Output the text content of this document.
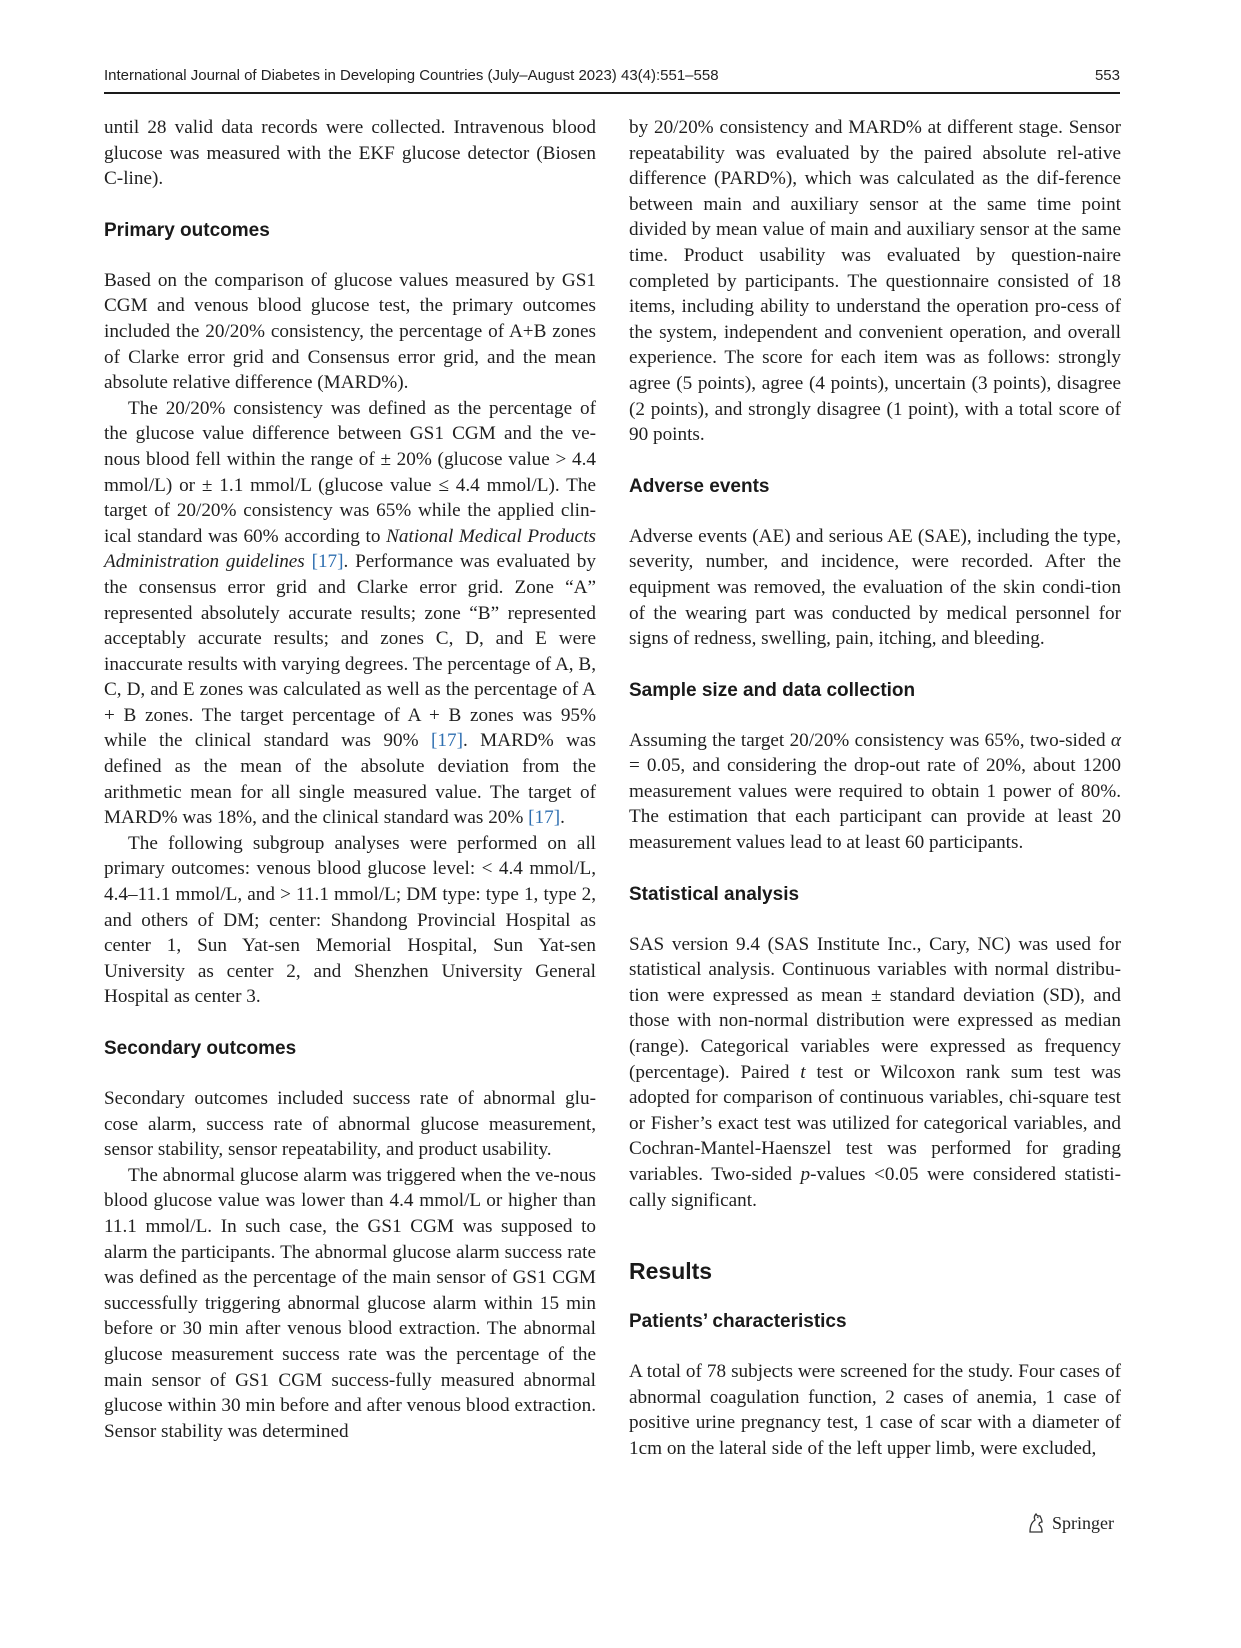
International Journal of Diabetes in Developing Countries (July–August 2023) 43(4):551–558	553

until 28 valid data records were collected. Intravenous blood glucose was measured with the EKF glucose detector (Biosen C-line).

Primary outcomes

Based on the comparison of glucose values measured by GS1 CGM and venous blood glucose test, the primary outcomes included the 20/20% consistency, the percentage of A+B zones of Clarke error grid and Consensus error grid, and the mean absolute relative difference (MARD%).

The 20/20% consistency was defined as the percentage of the glucose value difference between GS1 CGM and the ve-nous blood fell within the range of ± 20% (glucose value > 4.4 mmol/L) or ± 1.1 mmol/L (glucose value ≤ 4.4 mmol/L). The target of 20/20% consistency was 65% while the applied clin-ical standard was 60% according to National Medical Products Administration guidelines [17]. Performance was evaluated by the consensus error grid and Clarke error grid. Zone “A” represented absolutely accurate results; zone “B” represented acceptably accurate results; and zones C, D, and E were inaccurate results with varying degrees. The percentage of A, B, C, D, and E zones was calculated as well as the percentage of A + B zones. The target percentage of A + B zones was 95% while the clinical standard was 90% [17]. MARD% was defined as the mean of the absolute deviation from the arithmetic mean for all single measured value. The target of MARD% was 18%, and the clinical standard was 20% [17].

The following subgroup analyses were performed on all primary outcomes: venous blood glucose level: < 4.4 mmol/L, 4.4–11.1 mmol/L, and > 11.1 mmol/L; DM type: type 1, type 2, and others of DM; center: Shandong Provincial Hospital as center 1, Sun Yat-sen Memorial Hospital, Sun Yat-sen University as center 2, and Shenzhen University General Hospital as center 3.

Secondary outcomes

Secondary outcomes included success rate of abnormal glu-cose alarm, success rate of abnormal glucose measurement, sensor stability, sensor repeatability, and product usability.

The abnormal glucose alarm was triggered when the ve-nous blood glucose value was lower than 4.4 mmol/L or higher than 11.1 mmol/L. In such case, the GS1 CGM was supposed to alarm the participants. The abnormal glucose alarm success rate was defined as the percentage of the main sensor of GS1 CGM successfully triggering abnormal glucose alarm within 15 min before or 30 min after venous blood extraction. The abnormal glucose measurement success rate was the percentage of the main sensor of GS1 CGM success-fully measured abnormal glucose within 30 min before and after venous blood extraction. Sensor stability was determined

by 20/20% consistency and MARD% at different stage. Sensor repeatability was evaluated by the paired absolute rel-ative difference (PARD%), which was calculated as the dif-ference between main and auxiliary sensor at the same time point divided by mean value of main and auxiliary sensor at the same time. Product usability was evaluated by question-naire completed by participants. The questionnaire consisted of 18 items, including ability to understand the operation pro-cess of the system, independent and convenient operation, and overall experience. The score for each item was as follows: strongly agree (5 points), agree (4 points), uncertain (3 points), disagree (2 points), and strongly disagree (1 point), with a total score of 90 points.

Adverse events

Adverse events (AE) and serious AE (SAE), including the type, severity, number, and incidence, were recorded. After the equipment was removed, the evaluation of the skin condi-tion of the wearing part was conducted by medical personnel for signs of redness, swelling, pain, itching, and bleeding.

Sample size and data collection

Assuming the target 20/20% consistency was 65%, two-sided α = 0.05, and considering the drop-out rate of 20%, about 1200 measurement values were required to obtain 1 power of 80%. The estimation that each participant can provide at least 20 measurement values lead to at least 60 participants.

Statistical analysis

SAS version 9.4 (SAS Institute Inc., Cary, NC) was used for statistical analysis. Continuous variables with normal distribu-tion were expressed as mean ± standard deviation (SD), and those with non-normal distribution were expressed as median (range). Categorical variables were expressed as frequency (percentage). Paired t test or Wilcoxon rank sum test was adopted for comparison of continuous variables, chi-square test or Fisher’s exact test was utilized for categorical variables, and Cochran-Mantel-Haenszel test was performed for grading variables. Two-sided p-values <0.05 were considered statisti-cally significant.

Results
Patients’ characteristics

A total of 78 subjects were screened for the study. Four cases of abnormal coagulation function, 2 cases of anemia, 1 case of positive urine pregnancy test, 1 case of scar with a diameter of 1cm on the lateral side of the left upper limb, were excluded,

Springer
